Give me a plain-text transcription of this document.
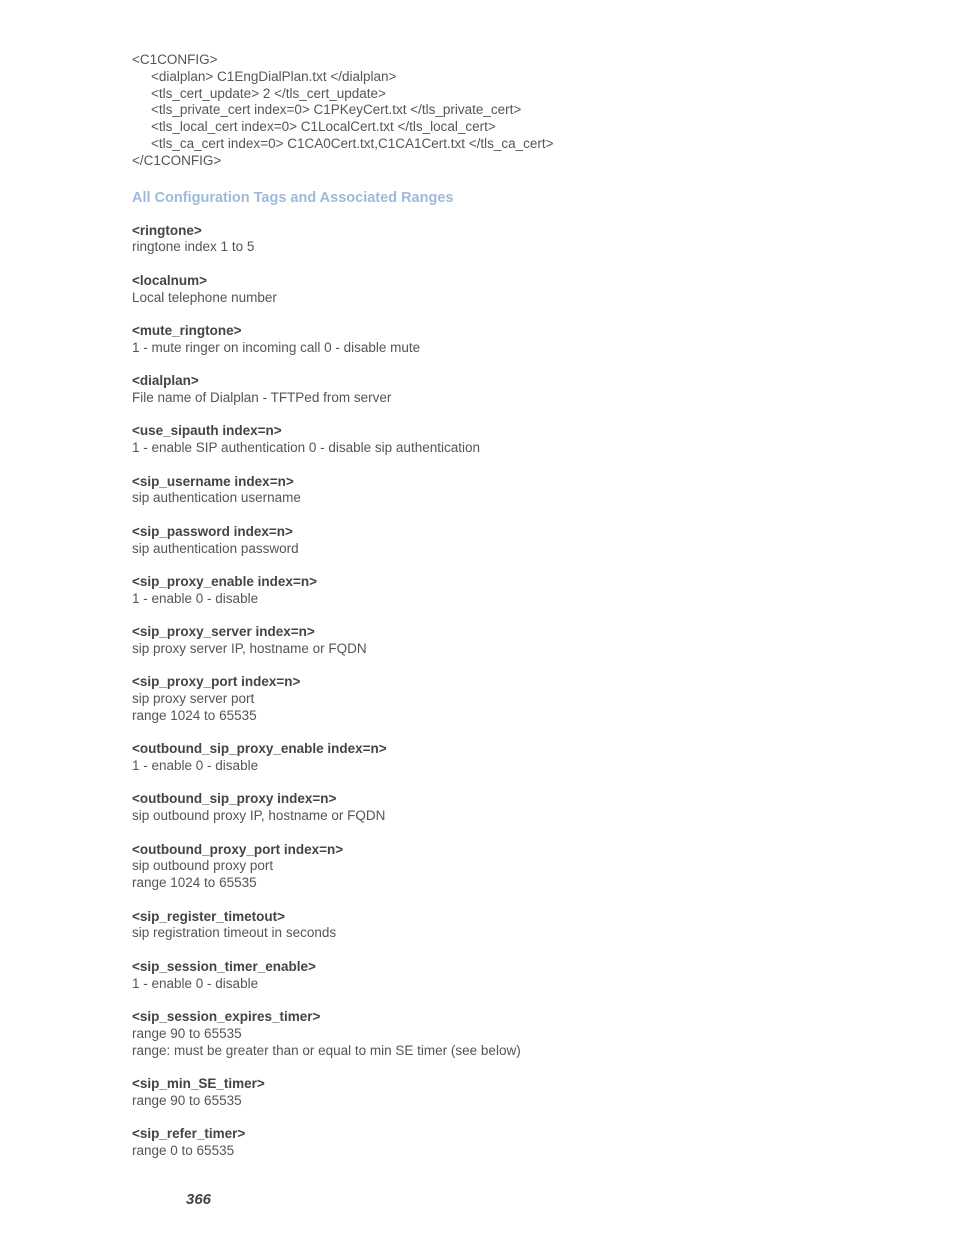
<C1CONFIG>
<dialplan> C1EngDialPlan.txt </dialplan>
<tls_cert_update> 2 </tls_cert_update>
<tls_private_cert index=0> C1PKeyCert.txt </tls_private_cert>
<tls_local_cert index=0> C1LocalCert.txt </tls_local_cert>
<tls_ca_cert index=0> C1CA0Cert.txt,C1CA1Cert.txt </tls_ca_cert>
</C1CONFIG>
All Configuration Tags and Associated Ranges
<ringtone>
ringtone index 1 to 5
<localnum>
Local telephone number
<mute_ringtone>
1 - mute ringer on incoming call 0 - disable mute
<dialplan>
File name of Dialplan - TFTPed from server
<use_sipauth index=n>
1 - enable SIP authentication 0 - disable sip authentication
<sip_username index=n>
sip authentication username
<sip_password index=n>
sip authentication password
<sip_proxy_enable index=n>
1 - enable 0 - disable
<sip_proxy_server index=n>
sip proxy server IP, hostname or FQDN
<sip_proxy_port index=n>
sip proxy server port
range 1024 to 65535
<outbound_sip_proxy_enable index=n>
1 - enable 0 - disable
<outbound_sip_proxy index=n>
sip outbound proxy IP, hostname or FQDN
<outbound_proxy_port index=n>
sip outbound proxy port
range 1024 to 65535
<sip_register_timetout>
sip registration timeout in seconds
<sip_session_timer_enable>
1 - enable 0 - disable
<sip_session_expires_timer>
range 90 to 65535
range: must be greater than or equal to min SE timer (see below)
<sip_min_SE_timer>
range 90 to 65535
<sip_refer_timer>
range 0 to 65535
366
